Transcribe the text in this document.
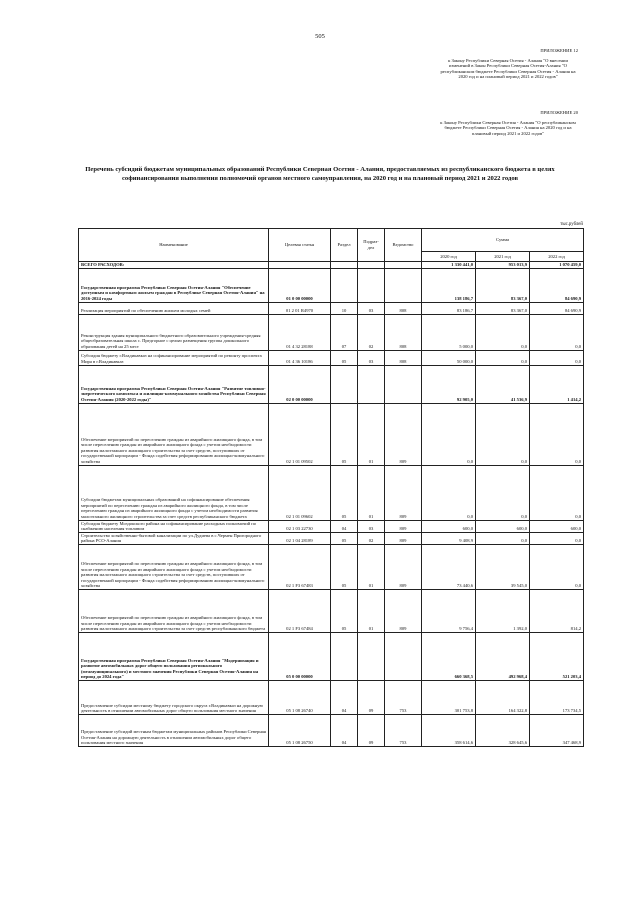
505
ПРИЛОЖЕНИЕ 12
к Закону Республики Северная Осетия - Алания "О внесении изменений в Закон Республики Северная Осетия-Алания "О республиканском бюджете Республики Северная Осетия - Алания на 2020 год и на плановый период 2021 и 2022 годов"
ПРИЛОЖЕНИЕ 20
к Закону Республики Северная Осетия - Алания "О республиканском бюджете Республики Северная Осетия - Алания на 2020 год и на плановый период 2021 и 2022 годов"
Перечень субсидий бюджетам муниципальных образований Республики Северная Осетия - Алания, предоставляемых из республиканского бюджета в целях софинансирования выполнения полномочий органов местного самоуправления, на 2020 год и на плановый период 2021 и 2022 годов
тыс.рублей
Наименование	Целевая статья	Раздел	Подраз- дел	Ведомство	Сумма		
					2020 год	2021 год	2022 год
ВСЕГО РАСХОДОВ:					1 330 441,0	953 013,9	1 070 459,0
Государственная программа Республики Северная Осетия-Алания "Обеспечение доступным и комфортным жильем граждан в Республике Северная Осетия-Алания" на 2016-2024 годы	01 0 00 00000				138 186,7	83 367,0	84 690,9
Реализация мероприятий по обеспечению жильем молодых семей	01 2 01 R4970	10	03	808	83 186,7	83 367,0	84 690,9
Реконструкция здания муниципального бюджетного образовательного учреждения-средняя общеобразовательная школа с. Предгорное с целью размещения группы дошкольного образования детей на 25 мест	01 4 32 28188	07	02	808	5 000,0	0,0	0,0
Субсидия бюджету г.Владикавказ на софинансирование мероприятий по ремонту проспекта Мира в г.Владикавказ	01 4 36 10186	05	03	808	50 000,0	0,0	0,0
Государственная программа Республики Северная Осетия-Алания "Развитие топливно-энергетического комплекса и жилищно-коммунального хозяйства Республики Северная Осетия-Алания (2020-2022 годы)"	02 0 00 00000				92 905,0	41 536,9	1 414,2
Обеспечение мероприятий по переселению граждан из аварийного жилищного фонда, в том числе переселению граждан из аварийного жилищного фонда с учетом необходимости развития малоэтажного жилищного строительства за счет средств, поступивших от государственной корпорации - Фонда содействия реформированию жилищно-коммунального хозяйства	02 1 01 09502	05	01	809	0,0	0,0	0,0
Субсидии бюджетам муниципальных образований на софинансирование обеспечения мероприятий по переселению граждан из аварийного жилищного фонда, в том числе переселению граждан из аварийного жилищного фонда с учетом необходимости развития малоэтажного жилищного строительства за счет средств республиканского бюджета	02 1 01 09602	05	01	809	0,0	0,0	0,0
Субсидия бюджету Моздокского района на софинансирование расходных полномочий по снабжению населения топливом	02 1 03 22730	04	03	809	600,0	600,0	600,0
Строительство хозяйственно-бытовой канализации по ул.Дудиева в с.Чермен Пригородного района РСО-Алания	02 1 04 28189	05	02	809	9 408,9	0,0	0,0
Обеспечение мероприятий по переселению граждан из аварийного жилищного фонда, в том числе переселению граждан из аварийного жилищного фонда с учетом необходимости развития малоэтажного жилищного строительства за счет средств, поступивших от государственной корпорации - Фонда содействия реформированию жилищно-коммунального хозяйства	02 1 F3 67483	05	01	809	73 440,6	39 545,0	0,0
Обеспечение мероприятий по переселению граждан из аварийного жилищного фонда, в том числе переселению граждан из аварийного жилищного фонда с учетом необходимости развития малоэтажного жилищного строительства за счет средств республиканского бюджета	02 1 F3 67484	05	01	809	9 756,4	1 392,0	814,2
Государственная программа Республики Северная Осетия-Алания "Модернизация и развитие автомобильных дорог общего пользования регионального (межмуниципального) и местного значения Республики Северная Осетия-Алания на период до 2024 года"	05 0 00 00000				660 368,5	492 968,4	521 203,4
Предоставление субсидии местному бюджету городского округа г.Владикавказ на дорожную деятельность в отношении автомобильных дорог общего пользования местного значения	05 1 08 26740	04	09	753	301 753,8	164 322,8	173 734,5
Предоставление субсидий местным бюджетам муниципальных районов Республики Северная Осетия-Алания на дорожную деятельность в отношении автомобильных дорог общего пользования местного значения	05 1 08 26750	04	09	753	358 614,6	328 645,6	347 468,9
